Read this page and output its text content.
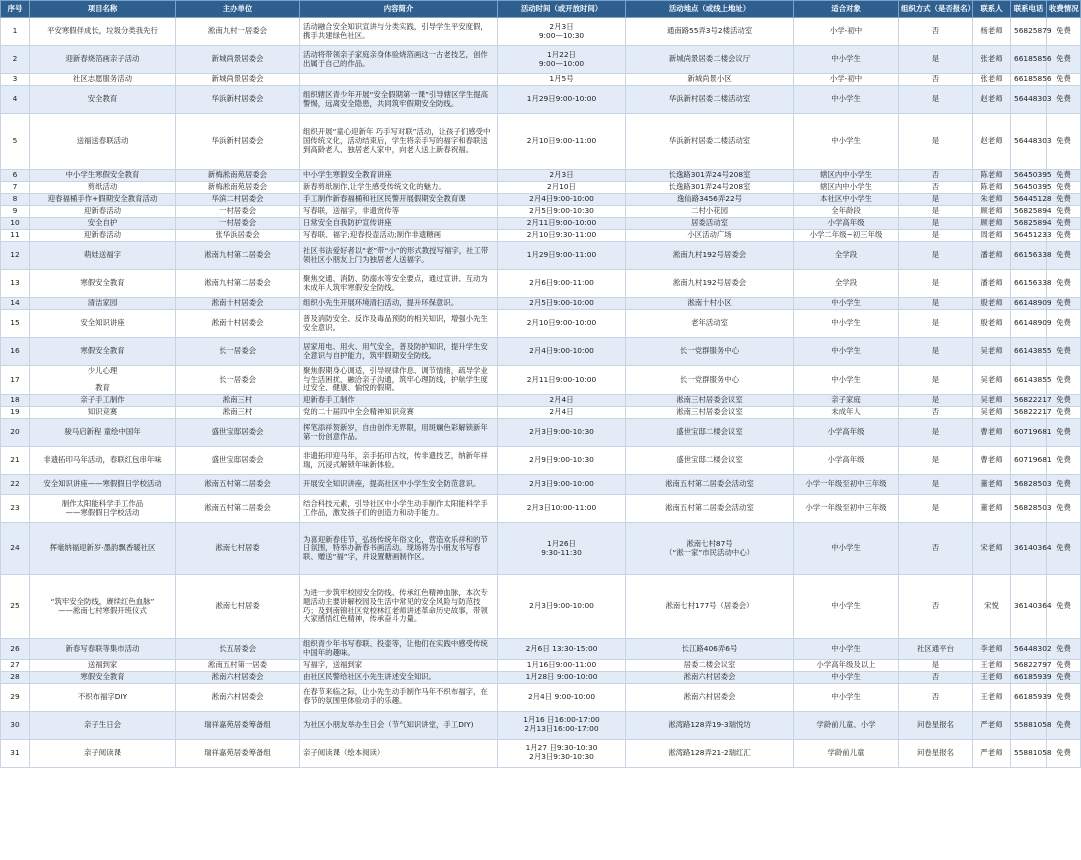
序号	项目名称	主办单位	内容简介	活动时间（或开放时间）	活动地点（或线上地址）	适合对象	组织方式（是否报名）	联系人	联系电话	收费情况
1	平安寒假伴成长，垃圾分类我先行	淞南九村一居委会	活动融合安全知识宣讲与分类实践，引导学生平安度假，携手共建绿色社区。	2月3日
9:00—10:30	通南路55弄3号2楼活动室	小学-初中	否	杨老师	56825879	免费
2	迎新春烧箔画亲子活动	新城尚景居委会	活动将带领亲子家庭亲身体验烧箔画这一古老技艺，创作出属于自己的作品。	1月22日
9:00—10:00	新城尚景居委二楼会议厅	中小学生	是	张老师	66185856	免费
3	社区志愿服务活动	新城尚景居委会		1月5号	新城尚景小区	小学-初中	否	张老师	66185856	免费
4	安全教育	华浜新村居委会	组织辖区青少年开展“安全假期第一课”引导辖区学生提高警惕，远离安全隐患，共同筑牢假期安全防线。	1月29日9:00-10:00	华浜新村居委二楼活动室	中小学生	是	赵老师	56448303	免费
5	送福送春联活动	华浜新村居委会	组织开展“童心迎新年 巧手写对联”活动，让孩子们感受中国传统文化，活动结束后，学生将亲手写的福字和春联送到高龄老人、独居老人家中，向老人送上新春祝福。	2月10日9:00-11:00	华浜新村居委二楼活动室	中小学生	是	赵老师	56448303	免费
6	中小学生寒假安全教育	新梅淞南苑居委会	中小学生寒假安全教育讲座	2月3日	长逸路301弄24号208室	辖区内中小学生	否	陈老师	56450395	免费
7	剪纸活动	新梅淞南苑居委会	新春剪纸制作,让学生感受传统文化的魅力。	2月10日	长逸路301弄24号208室	辖区内中小学生	否	陈老师	56450395	免费
8	迎春福桶手作+假期安全教育活动	华滨二村居委会	手工制作新春福桶和社区民警开展假期安全教育课	2月4日9:00-10:00	逸仙路3456弄22号	本社区中小学生	是	朱老师	56445128	免费
9	迎新春活动	一村居委会	写春联，送福字，非遗赏传等	2月5日9:00-10:30	二村小花园	全年龄段	是	顾老师	56825894	免费
10	安全自护	一村居委会	日常安全自我防护宣传讲座	2月11日9:00-10:00	居委活动室	小学高年级	是	顾老师	56825894	免费
11	迎新春活动	张华浜居委会	写春联、福字;迎春投壶活动;制作非遗糖画	2月10日9:30-11:00	小区活动广场	小学二年级~初三年级	是	周老师	56451233	免费
12	萌娃送福字	淞南九村第二居委会	社区书法爱好者以“老”带“小”的形式教授写福字，社工带领社区小朋友上门为独居老人送福字。	1月29日9:00-11:00	淞南九村192号居委会	全学段	是	潘老师	66156338	免费
13	寒假安全教育	淞南九村第二居委会	聚焦交通、消防、防溺水等安全要点，通过宣讲、互动为未成年人筑牢寒假安全防线。	2月6日9:00-11:00	淞南九村192号居委会	全学段	是	潘老师	66156338	免费
14	清洁家园	淞南十村居委会	组织小先生开展环境清扫活动，提升环保意识。	2月5日9:00-10:00	淞南十村小区	中小学生	是	殷老师	66148909	免费
15	安全知识讲座	淞南十村居委会	普及消防安全、反诈及毒品预防的相关知识，增强小先生安全意识。	2月10日9:00-10:00	老年活动室	中小学生	是	殷老师	66148909	免费
16	寒假安全教育	长一居委会	居家用电、用火、用气安全，普及防护知识，提升学生安全意识与自护能力，筑牢假期安全防线。	2月4日9:00-10:00	长一党群服务中心	中小学生	是	吴老师	66143855	免费
17	少儿心理

教育	长一居委会	聚焦假期身心调适，引导规律作息、调节情绪，疏导学业与生活困扰，融洽亲子沟通，筑牢心理防线，护航学生度过安全、健康、愉悦的假期。	2月11日9:00-10:00	长一党群服务中心	中小学生	是	吴老师	66143855	免费
18	亲子手工制作	淞南三村	迎新春手工制作	2月4日	淞南三村居委会议室	亲子家庭	是	吴老师	56822217	免费
19	知识竞赛	淞南三村	党的二十届四中全会精神知识竞赛	2月4日	淞南三村居委会议室	未成年人	否	吴老师	56822217	免费
20	骏马启新程 童绘中国年	盛世宝邸居委会	挥笔添祥贺新岁，自由创作无界限，用斑斓色彩解锁新年第一份创意作品。	2月3日9:00-10:30	盛世宝邸二楼会议室	小学高年级	是	曹老师	60719681	免费
21	非遗拓印马年活动，春联红包串年味	盛世宝邸居委会	非遗拓印迎马年，亲手拓印古纹，传非遗技艺，纳新年祥瑞，沉浸式解锁年味新体验。	2月9日9:00-10:30	盛世宝邸二楼会议室	小学高年级	是	曹老师	60719681	免费
22	安全知识讲座——寒假假日学校活动	淞南五村第二居委会	开展安全知识讲座，提高社区中小学生安全防范意识。	2月3日9:00-10:00	淞南五村第二居委会活动室	小学一年级至初中三年级	是	董老师	56828503	免费
23	制作太阳能科学手工作品
——寒假假日学校活动	淞南五村第二居委会	结合科技元素，引导社区中小学生动手制作太阳能科学手工作品，激发孩子们的创造力和动手能力。	2月3日10:00-11:00	淞南五村第二居委会活动室	小学一年级至初中三年级	是	董老师	56828503	免费
24	挥毫纳福迎新岁·墨韵飘香暖社区	淞南七村居委	为喜迎新春佳节，弘扬传统年俗文化，营造欢乐祥和的节日氛围，特举办新春书画活动。现场将为小朋友书写春联、赠送“福”字，并设置糖画制作区。	1月26日
9:30-11:30	淞南七村87号
（“淞一家”市民活动中心）	中小学生	否	宋老师	36140364	免费
25	“筑牢安全防线，赓续红色血脉”
——淞南七村寒假开班仪式	淞南七村居委	为进一步筑牢校园安全防线、传承红色精神血脉，本次专题活动主要讲解校园及生活中常见的安全风险与防范技巧；及到南锦社区党校林红老师讲述革命历史故事，带领大家感悟红色精神，传承奋斗力量。	2月3日9:00-10:00	淞南七村177号（居委会）	中小学生	否	宋悦	36140364	免费
26	新春写春联等集市活动	长五居委会	组织青少年书写春联、投壶等，让他们在实践中感受传统中国年的趣味。	2月6日 13:30-15:00	长江路406弄6号	中小学生	社区通平台	李老师	56448302	免费
27	送福到家	淞南五村第一居委	写福字，送福到家	1月16日9:00-11:00	居委二楼会议室	小学高年级及以上	是	王老师	56822797	免费
28	寒假安全教育	淞南六村居委会	由社区民警给社区小先生讲述安全知识。	1月28日 9:00-10:00	淞南六村居委会	中小学生	否	王老师	66185939	免费
29	不织布福字DIY	淞南六村居委会	在春节来临之际，让小先生动手制作马年不织布福字，在春节的氛围里体验动手的乐趣。	2月4日 9:00-10:00	淞南六村居委会	中小学生	否	王老师	66185939	免费
30	亲子生日会	瑞祥嘉苑居委筹备组	为社区小朋友举办生日会（节气知识讲堂，手工DIY)	1月16 日16:00-17:00
2月13日16:00-17:00	淞湾路128弄19-3瑞悦坊	学龄前儿童、小学	问卷星报名	严老师	55881058	免费
31	亲子阅读课	瑞祥嘉苑居委筹备组	亲子阅读课（绘本阅读）	1月27 日9:30-10:30
2月3日9:30-10:30	淞湾路128弄21-2瑞红汇	学龄前儿童	问卷星报名	严老师	55881058	免费
